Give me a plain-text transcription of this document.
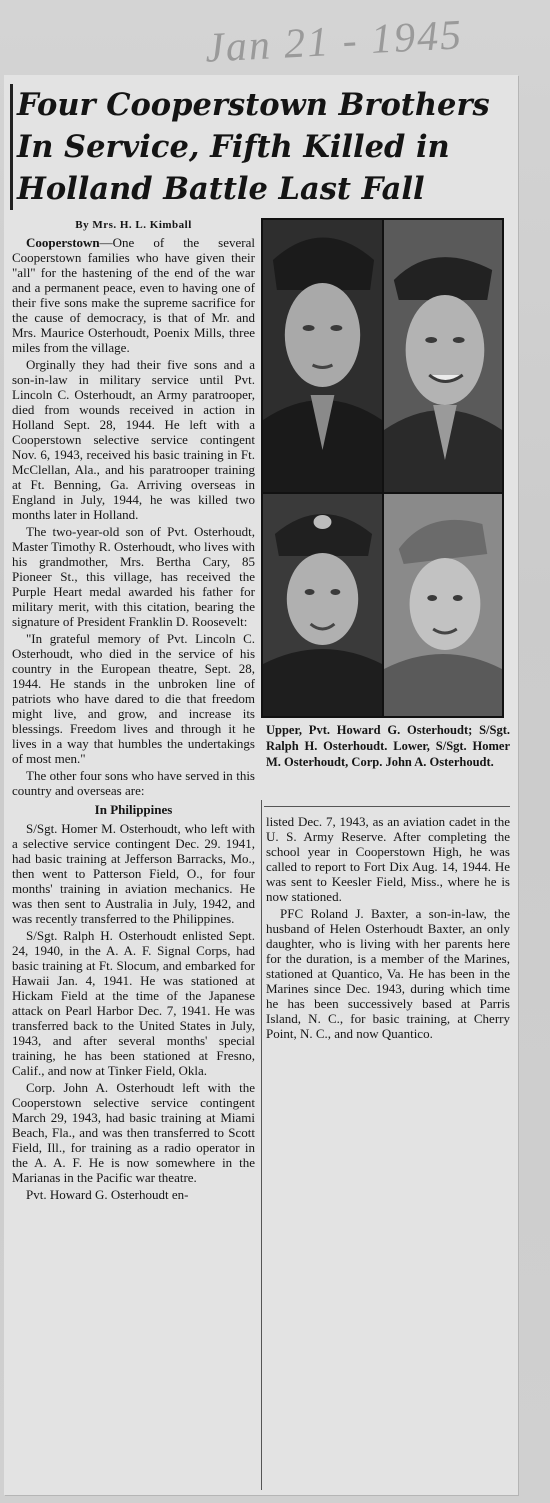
Jan 21 - 1945
Four Cooperstown Brothers
In Service, Fifth Killed in
Holland Battle Last Fall

By Mrs. H. L. Kimball

Cooperstown—One of the several Cooperstown families who have given their "all" for the hastening of the end of the war and a permanent peace, even to having one of their five sons make the supreme sacrifice for the cause of democracy, is that of Mr. and Mrs. Maurice Osterhoudt, Poenix Mills, three miles from the village.

Orginally they had their five sons and a son-in-law in military service until Pvt. Lincoln C. Osterhoudt, an Army paratrooper, died from wounds received in action in Holland Sept. 28, 1944. He left with a Cooperstown selective service contingent Nov. 6, 1943, received his basic training in Ft. McClellan, Ala., and his paratrooper training at Ft. Benning, Ga. Arriving overseas in England in July, 1944, he was killed two months later in Holland.

The two-year-old son of Pvt. Osterhoudt, Master Timothy R. Osterhoudt, who lives with his grandmother, Mrs. Bertha Cary, 85 Pioneer St., this village, has received the Purple Heart medal awarded his father for military merit, with this citation, bearing the signature of President Franklin D. Roosevelt:

"In grateful memory of Pvt. Lincoln C. Osterhoudt, who died in the service of his country in the European theatre, Sept. 28, 1944. He stands in the unbroken line of patriots who have dared to die that freedom might live, and grow, and increase its blessings. Freedom lives and through it he lives in a way that humbles the undertakings of most men."

The other four sons who have served in this country and overseas are:

In Philippines

S/Sgt. Homer M. Osterhoudt, who left with a selective service contingent Dec. 29. 1941, had basic training at Jefferson Barracks, Mo., then went to Patterson Field, O., for four months' training in aviation mechanics. He was then sent to Australia in July, 1942, and was recently transferred to the Philippines.

S/Sgt. Ralph H. Osterhoudt enlisted Sept. 24, 1940, in the A. A. F. Signal Corps, had basic training at Ft. Slocum, and embarked for Hawaii Jan. 4, 1941. He was stationed at Hickam Field at the time of the Japanese attack on Pearl Harbor Dec. 7, 1941. He was transferred back to the United States in July, 1943, and after several months' special training, he has been stationed at Fresno, Calif., and now at Tinker Field, Okla.

Corp. John A. Osterhoudt left with the Cooperstown selective service contingent March 29, 1943, had basic training at Miami Beach, Fla., and was then transferred to Scott Field, Ill., for training as a radio operator in the A. A. F. He is now somewhere in the Marianas in the Pacific war theatre.

Pvt. Howard G. Osterhoudt en-

Upper, Pvt. Howard G. Osterhoudt; S/Sgt. Ralph H. Osterhoudt. Lower, S/Sgt. Homer M. Osterhoudt, Corp. John A. Osterhoudt.

listed Dec. 7, 1943, as an aviation cadet in the U. S. Army Reserve. After completing the school year in Cooperstown High, he was called to report to Fort Dix Aug. 14, 1944. He was sent to Keesler Field, Miss., where he is now stationed.

PFC Roland J. Baxter, a son-in-law, the husband of Helen Osterhoudt Baxter, an only daughter, who is living with her parents here for the duration, is a member of the Marines, stationed at Quantico, Va. He has been in the Marines since Dec. 1943, during which time he has been successively based at Parris Island, N. C., for basic training, at Cherry Point, N. C., and now Quantico.
